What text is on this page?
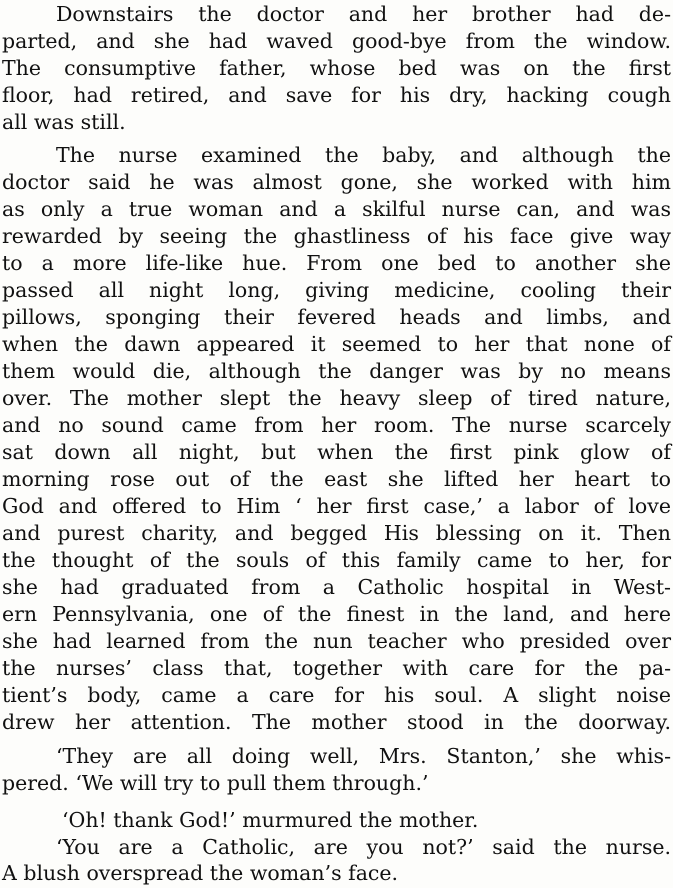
Downstairs the doctor and her brother had de-
parted, and she had waved good-bye from the window.
The consumptive father, whose bed was on the first
floor, had retired, and save for his dry, hacking cough
all was still.
The nurse examined the baby, and although the
doctor said he was almost gone, she worked with him
as only a true woman and a skilful nurse can, and was
rewarded by seeing the ghastliness of his face give way
to a more life-like hue. From one bed to another she
passed all night long, giving medicine, cooling their
pillows, sponging their fevered heads and limbs, and
when the dawn appeared it seemed to her that none of
them would die, although the danger was by no means
over. The mother slept the heavy sleep of tired nature,
and no sound came from her room. The nurse scarcely
sat down all night, but when the first pink glow of
morning rose out of the east she lifted her heart to
God and offered to Him ‘ her first case,’ a labor of love
and purest charity, and begged His blessing on it. Then
the thought of the souls of this family came to her, for
she had graduated from a Catholic hospital in West-
ern Pennsylvania, one of the finest in the land, and here
she had learned from the nun teacher who presided over
the nurses’ class that, together with care for the pa-
tient’s body, came a care for his soul. A slight noise
drew her attention. The mother stood in the doorway.
‘They are all doing well, Mrs. Stanton,’ she whis-
pered. ‘We will try to pull them through.’
‘Oh! thank God!’ murmured the mother.
‘You are a Catholic, are you not?’ said the nurse.
A blush overspread the woman’s face.
